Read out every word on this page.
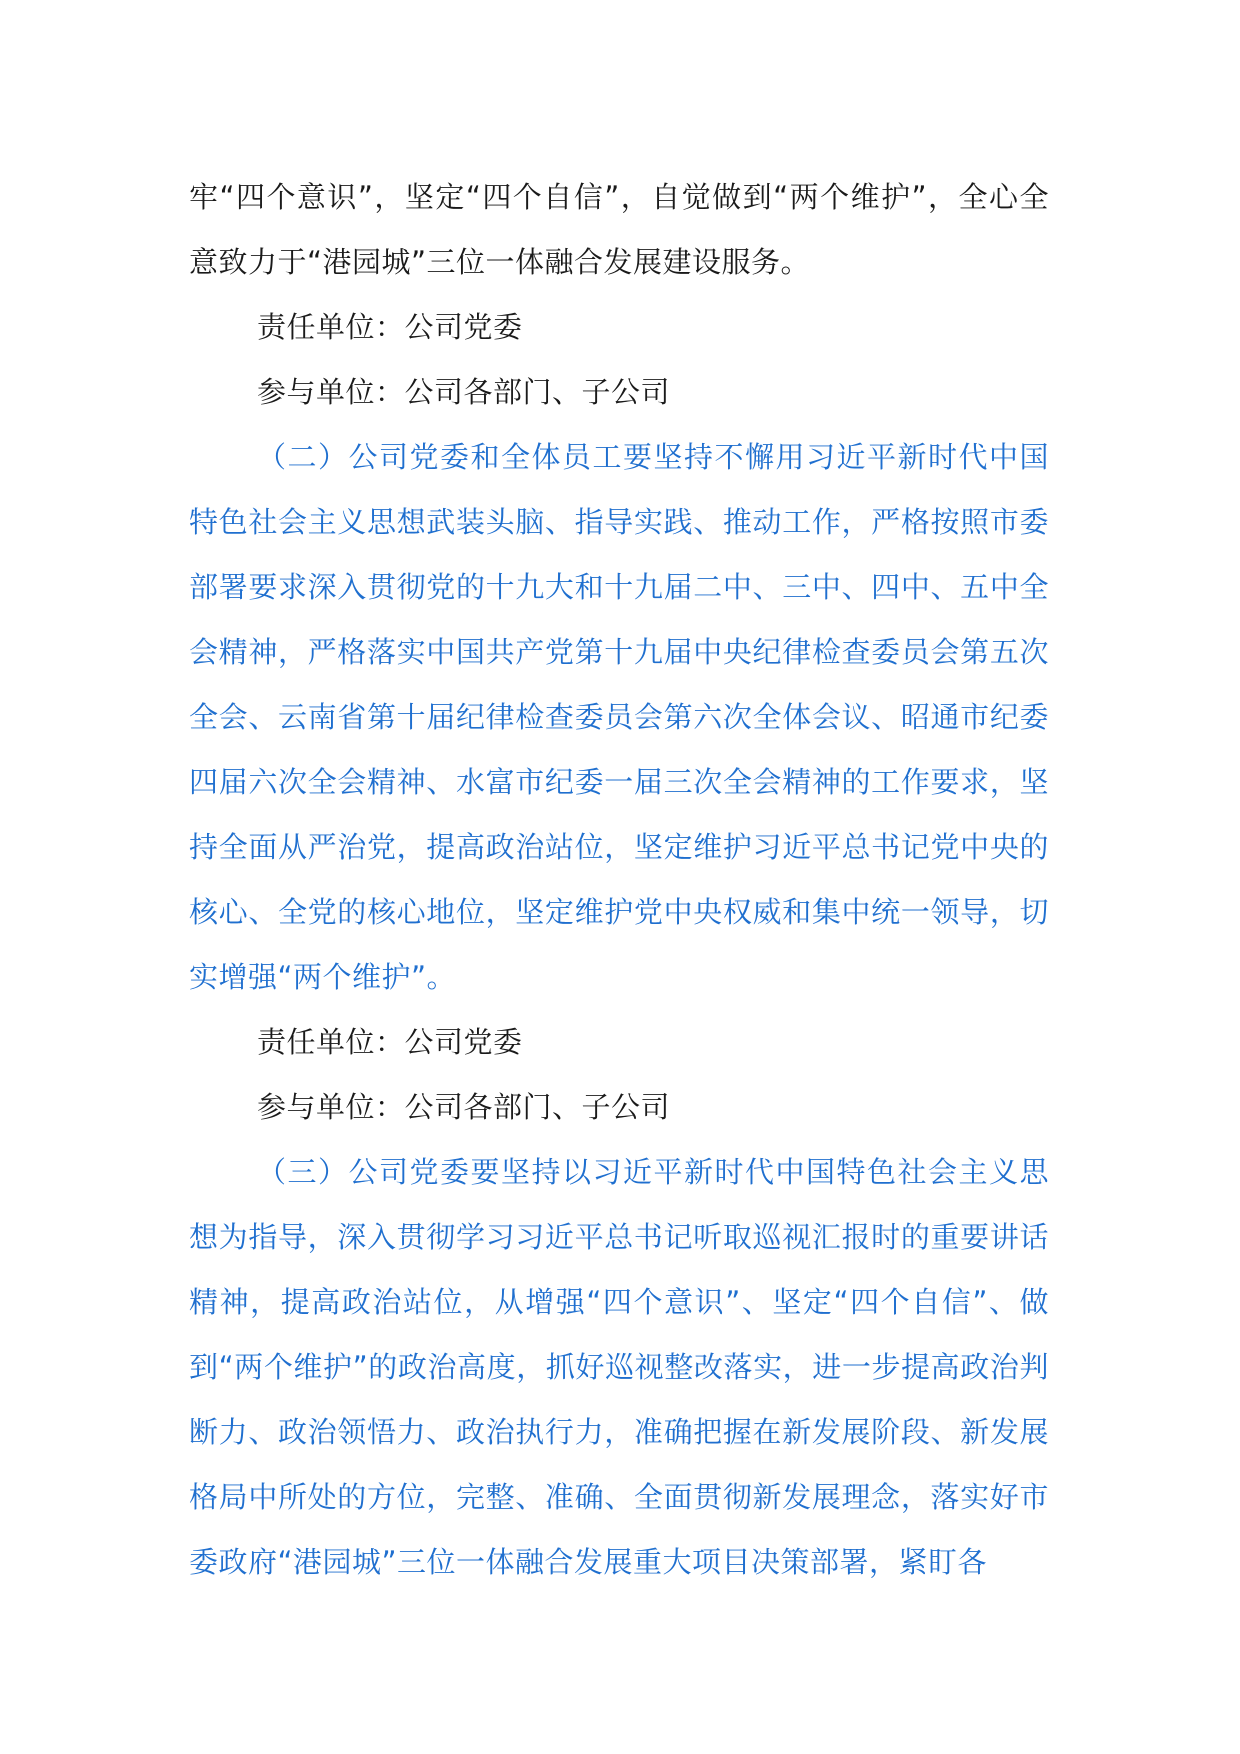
牢“四个意识”，坚定“四个自信”，自觉做到“两个维护”，全心全意致力于“港园城”三位一体融合发展建设服务。

责任单位：公司党委

参与单位：公司各部门、子公司

（二）公司党委和全体员工要坚持不懈用习近平新时代中国特色社会主义思想武装头脑、指导实践、推动工作，严格按照市委部署要求深入贯彻党的十九大和十九届二中、三中、四中、五中全会精神，严格落实中国共产党第十九届中央纪律检查委员会第五次全会、云南省第十届纪律检查委员会第六次全体会议、昭通市纪委四届六次全会精神、水富市纪委一届三次全会精神的工作要求，坚持全面从严治党，提高政治站位，坚定维护习近平总书记党中央的核心、全党的核心地位，坚定维护党中央权威和集中统一领导，切实增强“两个维护”。

责任单位：公司党委

参与单位：公司各部门、子公司

（三）公司党委要坚持以习近平新时代中国特色社会主义思想为指导，深入贯彻学习习近平总书记听取巡视汇报时的重要讲话精神，提高政治站位，从增强“四个意识”、坚定“四个自信”、做到“两个维护”的政治高度，抓好巡视整改落实，进一步提高政治判断力、政治领悟力、政治执行力，准确把握在新发展阶段、新发展格局中所处的方位，完整、准确、全面贯彻新发展理念，落实好市委政府“港园城”三位一体融合发展重大项目决策部署，紧盯各
